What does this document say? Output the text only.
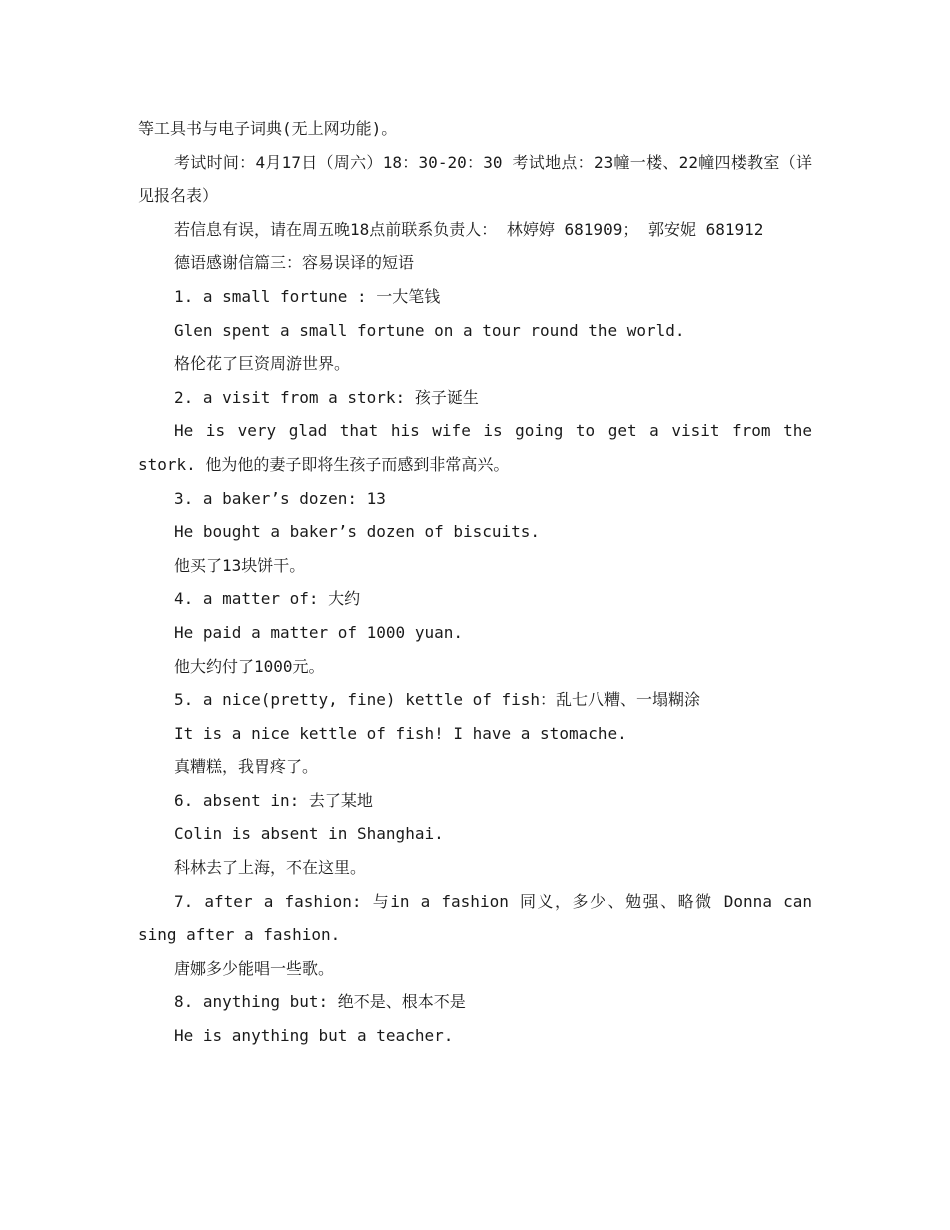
等工具书与电子词典(无上网功能)。

考试时间：4月17日（周六）18：30-20：30 考试地点：23幢一楼、22幢四楼教室（详见报名表）

若信息有误，请在周五晚18点前联系负责人： 林婷婷 681909； 郭安妮 681912

德语感谢信篇三：容易误译的短语

1. a small fortune : 一大笔钱

Glen spent a small fortune on a tour round the world.

格伦花了巨资周游世界。

2. a visit from a stork: 孩子诞生

He is very glad that his wife is going to get a visit from the stork. 他为他的妻子即将生孩子而感到非常高兴。

3. a baker’s dozen: 13

He bought a baker’s dozen of biscuits.

他买了13块饼干。

4. a matter of: 大约

He paid a matter of 1000 yuan.

他大约付了1000元。

5. a nice(pretty, fine) kettle of fish：乱七八糟、一塌糊涂

It is a nice kettle of fish! I have a stomache.

真糟糕，我胃疼了。

6. absent in: 去了某地

Colin is absent in Shanghai.

科林去了上海，不在这里。

7. after a fashion: 与in a fashion 同义，多少、勉强、略微 Donna can sing after a fashion.

唐娜多少能唱一些歌。

8. anything but: 绝不是、根本不是

He is anything but a teacher.
